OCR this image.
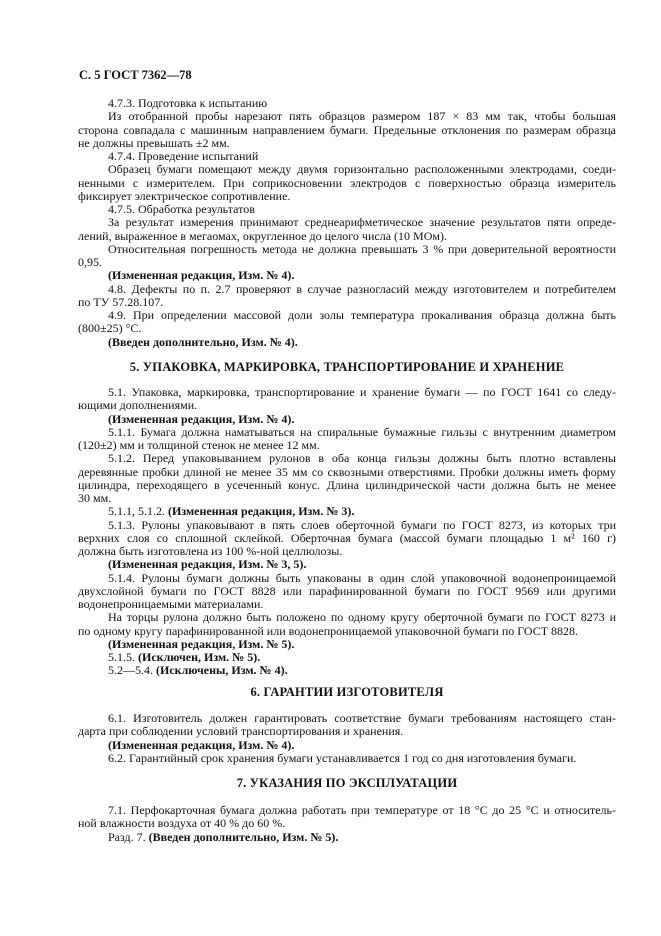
С. 5 ГОСТ 7362—78
4.7.3. Подготовка к испытанию
Из отобранной пробы нарезают пять образцов размером 187 × 83 мм так, чтобы большая
сторона совпадала с машинным направлением бумаги. Предельные отклонения по размерам образца
не должны превышать ±2 мм.
4.7.4. Проведение испытаний
Образец бумаги помещают между двумя горизонтально расположенными электродами, соеди-
ненными с измерителем. При соприкосновении электродов с поверхностью образца измеритель
фиксирует электрическое сопротивление.
4.7.5. Обработка результатов
За результат измерения принимают среднеарифметическое значение результатов пяти опреде-
лений, выраженное в мегаомах, округленное до целого числа (10 МОм).
Относительная погрешность метода не должна превышать 3 % при доверительной вероятности
0,95.
(Измененная редакция, Изм. № 4).
4.8. Дефекты по п. 2.7 проверяют в случае разногласий между изготовителем и потребителем
по ТУ 57.28.107.
4.9. При определении массовой доли золы температура прокаливания образца должна быть
(800±25) °С.
(Введен дополнительно, Изм. № 4).
5. УПАКОВКА, МАРКИРОВКА, ТРАНСПОРТИРОВАНИЕ И ХРАНЕНИЕ
5.1. Упаковка, маркировка, транспортирование и хранение бумаги — по ГОСТ 1641 со следу-
ющими дополнениями.
(Измененная редакция, Изм. № 4).
5.1.1. Бумага должна наматываться на спиральные бумажные гильзы с внутренним диаметром
(120±2) мм и толщиной стенок не менее 12 мм.
5.1.2. Перед упаковыванием рулонов в оба конца гильзы должны быть плотно вставлены
деревянные пробки длиной не менее 35 мм со сквозными отверстиями. Пробки должны иметь форму
цилиндра, переходящего в усеченный конус. Длина цилиндрической части должна быть не менее
30 мм.
5.1.1, 5.1.2. (Измененная редакция, Изм. № 3).
5.1.3. Рулоны упаковывают в пять слоев оберточной бумаги по ГОСТ 8273, из которых три
верхних слоя со сплошной склейкой. Оберточная бумага (массой бумаги площадью 1 м² 160 г)
должна быть изготовлена из 100 %-ной целлюлозы.
(Измененная редакция, Изм. № 3, 5).
5.1.4. Рулоны бумаги должны быть упакованы в один слой упаковочной водонепроницаемой
двухслойной бумаги по ГОСТ 8828 или парафинированной бумаги по ГОСТ 9569 или другими
водонепроницаемыми материалами.
На торцы рулона должно быть положено по одному кругу оберточной бумаги по ГОСТ 8273 и
по одному кругу парафинированной или водонепроницаемой упаковочной бумаги по ГОСТ 8828.
(Измененная редакция, Изм. № 5).
5.1.5. (Исключен, Изм. № 5).
5.2—5.4. (Исключены, Изм. № 4).
6. ГАРАНТИИ ИЗГОТОВИТЕЛЯ
6.1. Изготовитель должен гарантировать соответствие бумаги требованиям настоящего стан-
дарта при соблюдении условий транспортирования и хранения.
(Измененная редакция, Изм. № 4).
6.2. Гарантийный срок хранения бумаги устанавливается 1 год со дня изготовления бумаги.
7. УКАЗАНИЯ ПО ЭКСПЛУАТАЦИИ
7.1. Перфокарточная бумага должна работать при температуре от 18 °С до 25 °С и относитель-
ной влажности воздуха от 40 % до 60 %.
Разд. 7. (Введен дополнительно, Изм. № 5).
